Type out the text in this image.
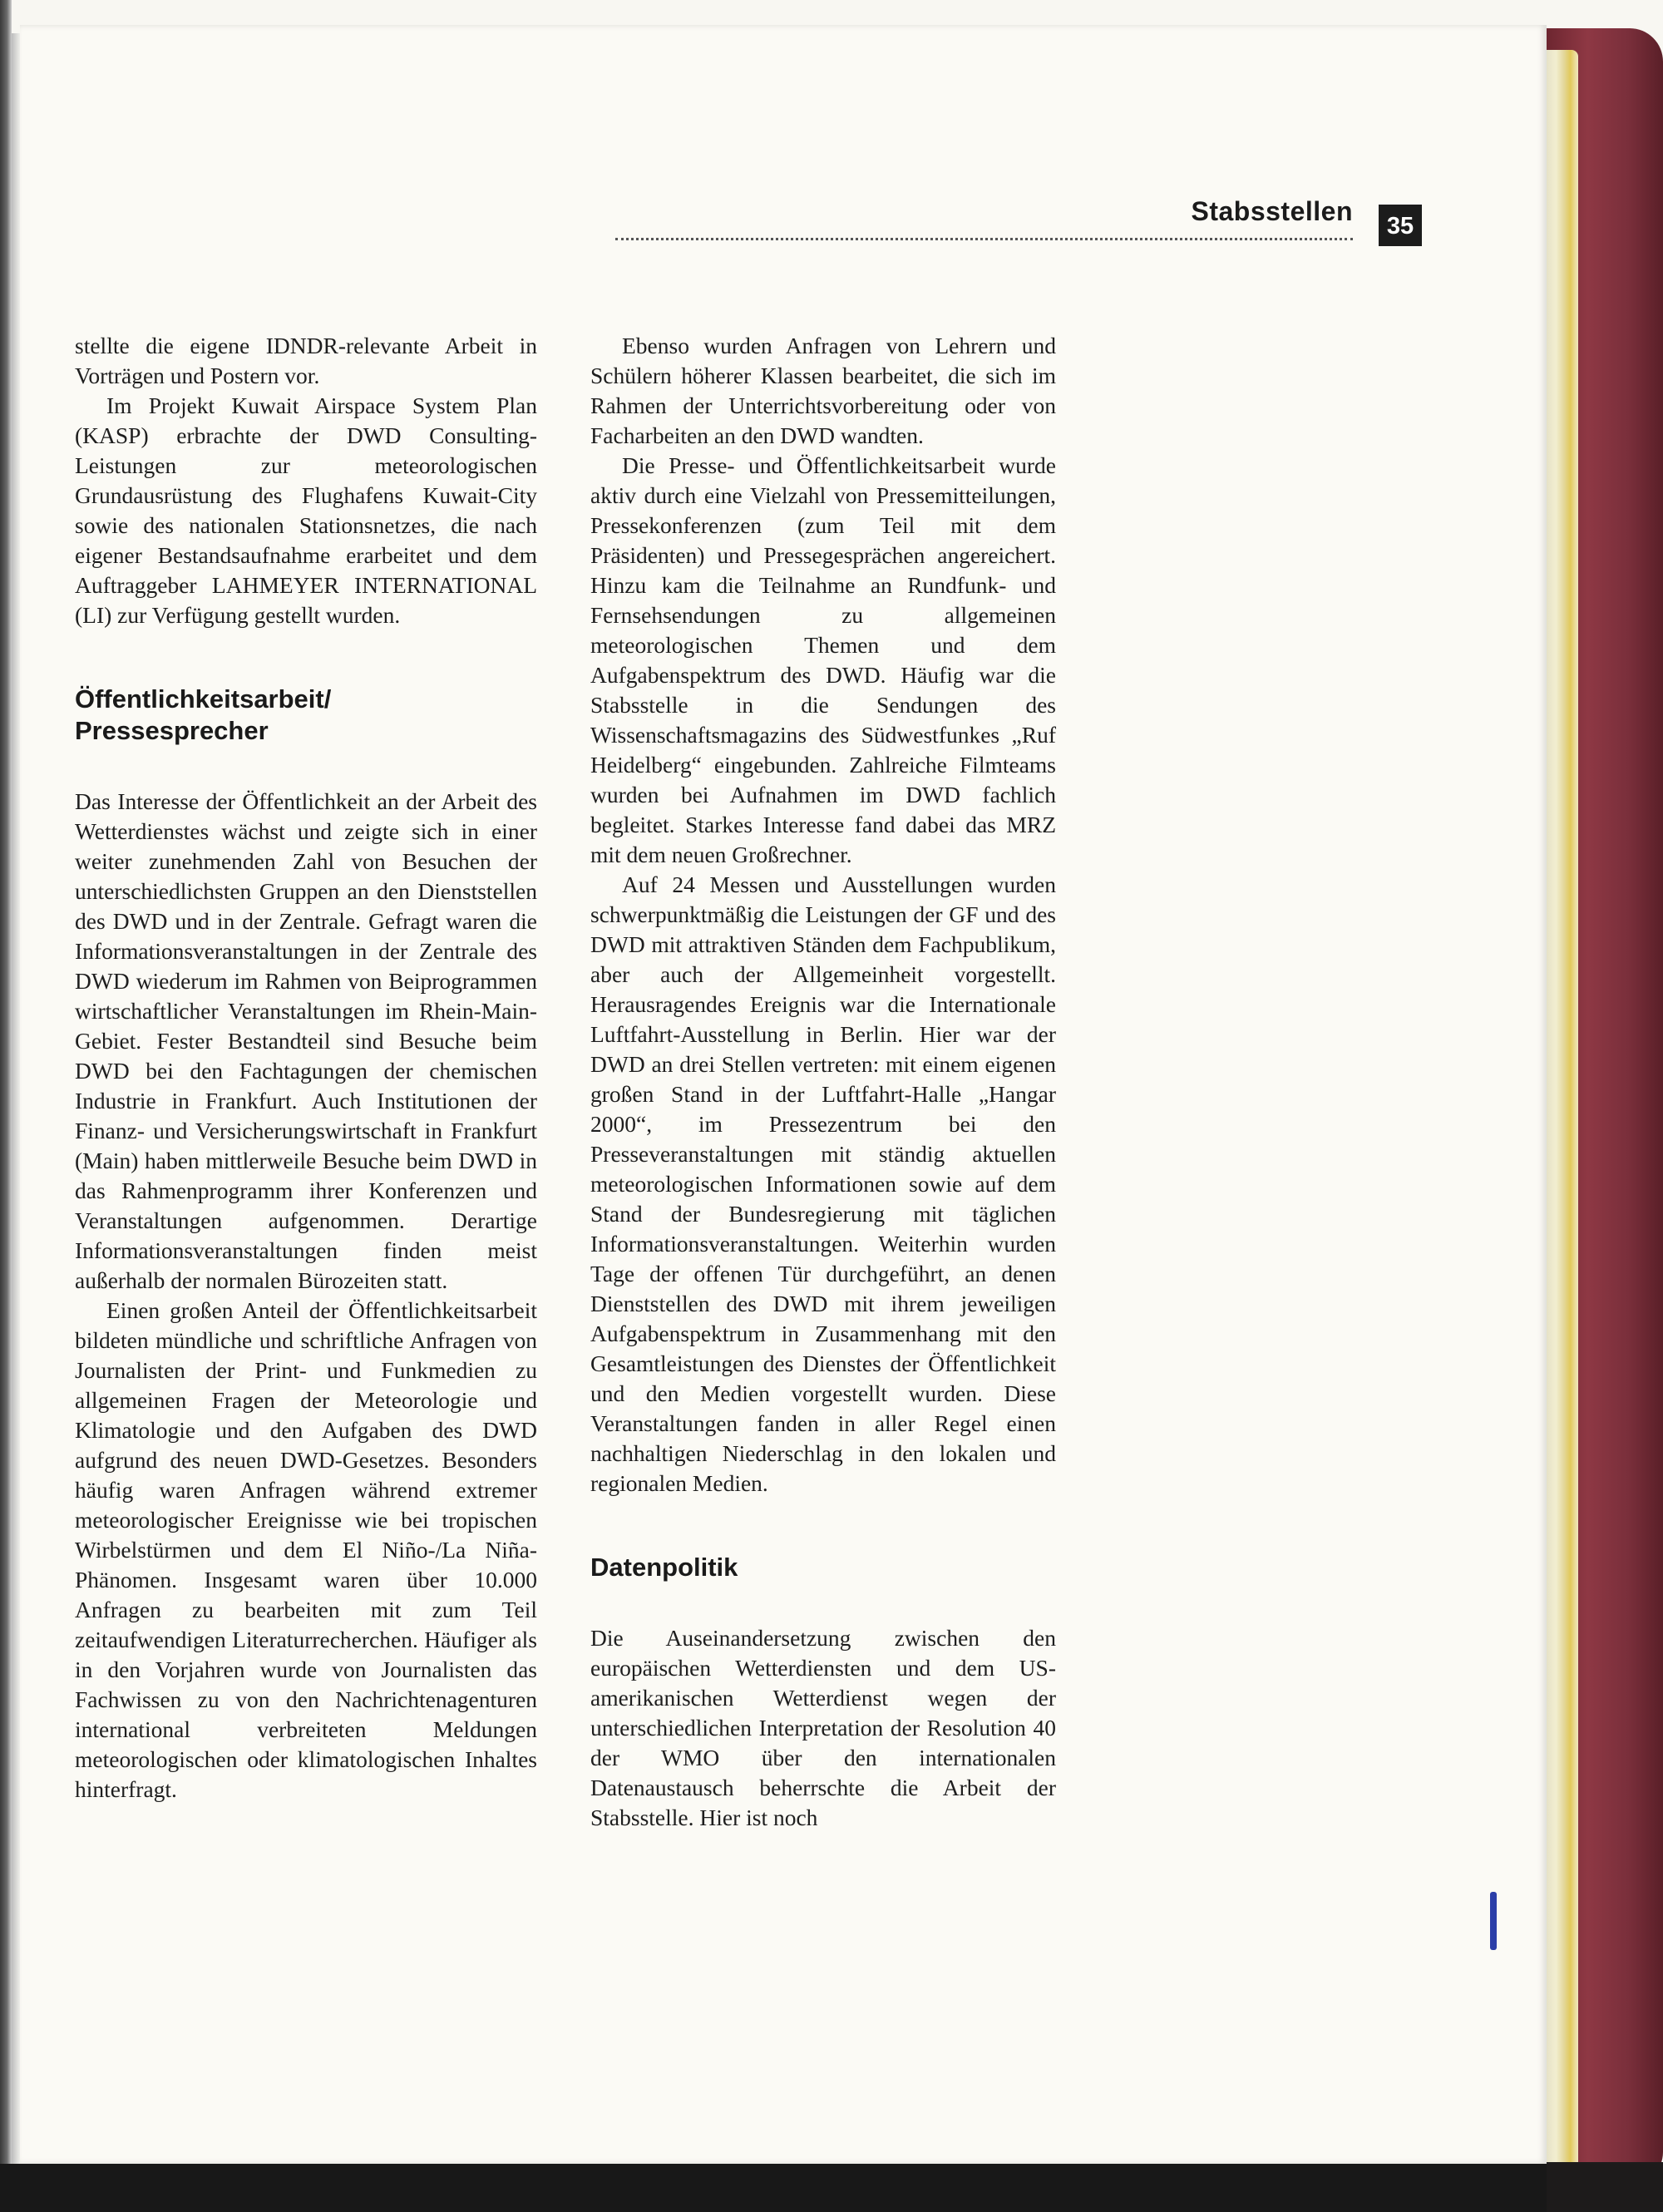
Stabsstellen	35

stellte die eigene IDNDR-relevante Arbeit in Vorträgen und Postern vor.

Im Projekt Kuwait Airspace System Plan (KASP) erbrachte der DWD Consulting-Leistungen zur meteorologischen Grundausrüstung des Flughafens Kuwait-City sowie des nationalen Stationsnetzes, die nach eigener Bestandsaufnahme erarbeitet und dem Auftraggeber LAHMEYER INTERNATIONAL (LI) zur Verfügung gestellt wurden.

Öffentlichkeitsarbeit/
Pressesprecher

Das Interesse der Öffentlichkeit an der Arbeit des Wetterdienstes wächst und zeigte sich in einer weiter zunehmenden Zahl von Besuchen der unterschiedlichsten Gruppen an den Dienststellen des DWD und in der Zentrale. Gefragt waren die Informationsveranstaltungen in der Zentrale des DWD wiederum im Rahmen von Beiprogrammen wirtschaftlicher Veranstaltungen im Rhein-Main-Gebiet. Fester Bestandteil sind Besuche beim DWD bei den Fachtagungen der chemischen Industrie in Frankfurt. Auch Institutionen der Finanz- und Versicherungswirtschaft in Frankfurt (Main) haben mittlerweile Besuche beim DWD in das Rahmenprogramm ihrer Konferenzen und Veranstaltungen aufgenommen. Derartige Informationsveranstaltungen finden meist außerhalb der normalen Bürozeiten statt.

Einen großen Anteil der Öffentlichkeitsarbeit bildeten mündliche und schriftliche Anfragen von Journalisten der Print- und Funkmedien zu allgemeinen Fragen der Meteorologie und Klimatologie und den Aufgaben des DWD aufgrund des neuen DWD-Gesetzes. Besonders häufig waren Anfragen während extremer meteorologischer Ereignisse wie bei tropischen Wirbelstürmen und dem El Niño-/La Niña-Phänomen. Insgesamt waren über 10.000 Anfragen zu bearbeiten mit zum Teil zeitaufwendigen Literaturrecherchen. Häufiger als in den Vorjahren wurde von Journalisten das Fachwissen zu von den Nachrichtenagenturen international verbreiteten Meldungen meteorologischen oder klimatologischen Inhaltes hinterfragt.

Ebenso wurden Anfragen von Lehrern und Schülern höherer Klassen bearbeitet, die sich im Rahmen der Unterrichtsvorbereitung oder von Facharbeiten an den DWD wandten.

Die Presse- und Öffentlichkeitsarbeit wurde aktiv durch eine Vielzahl von Pressemitteilungen, Pressekonferenzen (zum Teil mit dem Präsidenten) und Pressegesprächen angereichert. Hinzu kam die Teilnahme an Rundfunk- und Fernsehsendungen zu allgemeinen meteorologischen Themen und dem Aufgabenspektrum des DWD. Häufig war die Stabsstelle in die Sendungen des Wissenschaftsmagazins des Südwestfunkes „Ruf Heidelberg“ eingebunden. Zahlreiche Filmteams wurden bei Aufnahmen im DWD fachlich begleitet. Starkes Interesse fand dabei das MRZ mit dem neuen Großrechner.

Auf 24 Messen und Ausstellungen wurden schwerpunktmäßig die Leistungen der GF und des DWD mit attraktiven Ständen dem Fachpublikum, aber auch der Allgemeinheit vorgestellt. Herausragendes Ereignis war die Internationale Luftfahrt-Ausstellung in Berlin. Hier war der DWD an drei Stellen vertreten: mit einem eigenen großen Stand in der Luftfahrt-Halle „Hangar 2000“, im Pressezentrum bei den Presseveranstaltungen mit ständig aktuellen meteorologischen Informationen sowie auf dem Stand der Bundesregierung mit täglichen Informationsveranstaltungen. Weiterhin wurden Tage der offenen Tür durchgeführt, an denen Dienststellen des DWD mit ihrem jeweiligen Aufgabenspektrum in Zusammenhang mit den Gesamtleistungen des Dienstes der Öffentlichkeit und den Medien vorgestellt wurden. Diese Veranstaltungen fanden in aller Regel einen nachhaltigen Niederschlag in den lokalen und regionalen Medien.

Datenpolitik

Die Auseinandersetzung zwischen den europäischen Wetterdiensten und dem US-amerikanischen Wetterdienst wegen der unterschiedlichen Interpretation der Resolution 40 der WMO über den internationalen Datenaustausch beherrschte die Arbeit der Stabsstelle. Hier ist noch
